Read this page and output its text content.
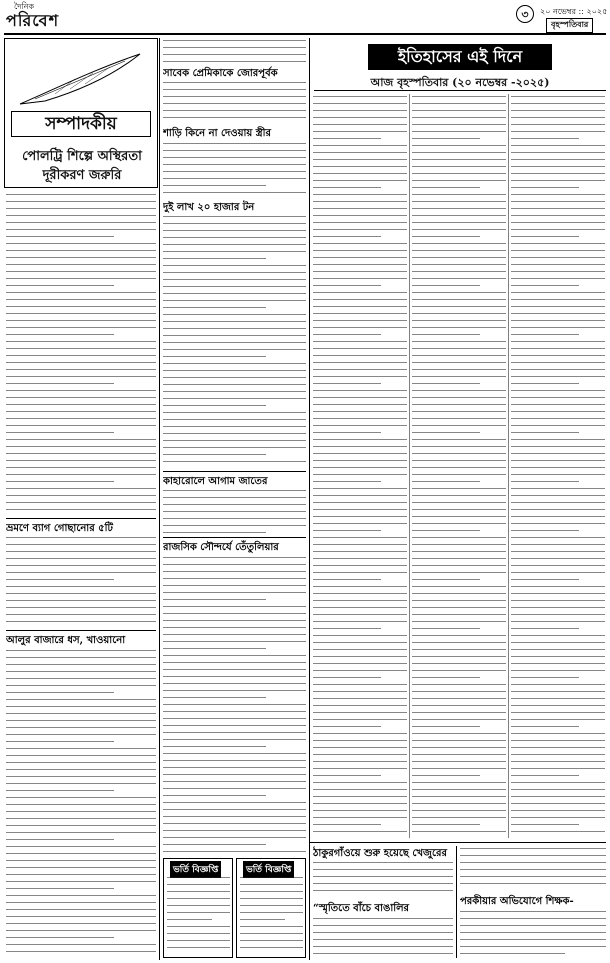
দৈনিক
পরিবেশ	৩	২০ নভেম্বর :: ২০২৫
বৃহস্পতিবার
সম্পাদকীয়
পোলট্রি শিল্পে অস্থিরতা
দূরীকরণ জরুরি
ভ্রমণে ব্যাগ গোছানোর ৫টি
আলুর বাজারে ধস, খাওয়ানো
সাবেক প্রেমিকাকে জোরপূর্বক
শাড়ি কিনে না দেওয়ায় স্ত্রীর
দুই লাখ ২০ হাজার টন
কাহারোলে আগাম জাতের
রাজসিক সৌন্দর্যে তেঁতুলিয়ার
ভর্তি বিজ্ঞপ্তি	ভর্তি বিজ্ঞপ্তি
ইতিহাসের এই দিনে
আজ বৃহস্পতিবার (২০ নভেম্বর -২০২৫)
ঠাকুরগাঁওয়ে শুরু হয়েছে খেজুরের
“স্মৃতিতে বাঁচে বাঙালির
পরকীয়ার অভিযোগে শিক্ষক-
